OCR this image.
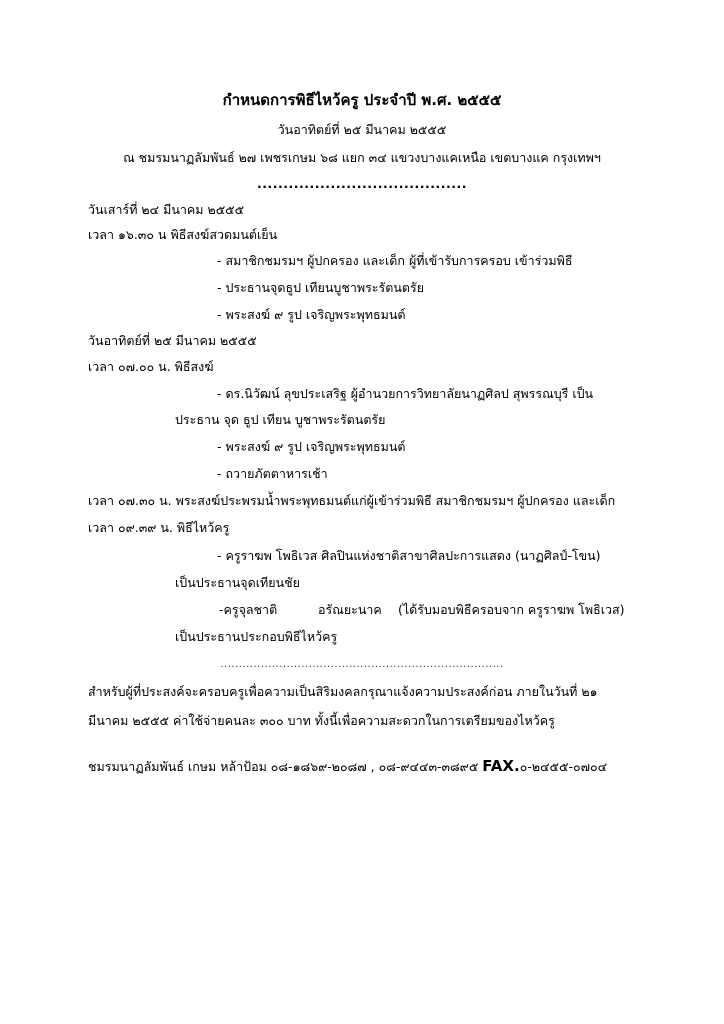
กำหนดการพิธีไหว้ครู ประจำปี พ.ศ. ๒๕๕๕
วันอาทิตย์ที่ ๒๕ มีนาคม ๒๕๕๕
ณ ชมรมนาฏลัมพันธ์ ๒๗ เพชรเกษม ๖๘ แยก ๓๔ แขวงบางแคเหนือ เขตบางแค กรุงเทพฯ
........................................
วันเสาร์ที่ ๒๔ มีนาคม ๒๕๕๕
เวลา ๑๖.๓๐ น พิธีสงฆ์สวดมนต์เย็น
- สมาชิกชมรมฯ ผู้ปกครอง และเด็ก ผู้ที่เข้ารับการครอบ เข้าร่วมพิธี
- ประธานจุดธูป เทียนบูชาพระรัตนตรัย
- พระสงฆ์ ๙ รูป เจริญพระพุทธมนต์
วันอาทิตย์ที่ ๒๕ มีนาคม ๒๕๕๕
เวลา ๐๗.๐๐ น. พิธีสงฆ์
- ดร.นิวัฒน์ ลุขประเสริฐ ผู้อำนวยการวิทยาลัยนาฏศิลป สุพรรณบุรี เป็น
ประธาน จุด ธูป เทียน บูชาพระรัตนตรัย
- พระสงฆ์ ๙ รูป เจริญพระพุทธมนต์
- ถวายภัตตาหารเช้า
เวลา ๐๗.๓๐ น. พระสงฆ์ประพรมน้ำพระพุทธมนต์แก่ผู้เข้าร่วมพิธี สมาชิกชมรมฯ ผู้ปกครอง และเด็ก
เวลา ๐๙.๓๙ น. พิธีไหว้ครู
- ครูราฆพ โพธิเวส ศิลปินแห่งชาติสาขาศิลปะการแสดง (นาฏศิลป์-โขน)
เป็นประธานจุดเทียนชัย
-ครูจุลชาติ	อรัณยะนาค (ได้รับมอบพิธีครอบจาก ครูราฆพ โพธิเวส)
เป็นประธานประกอบพิธีไหว้ครู
.............................................................................
สำหรับผู้ที่ประสงค์จะครอบครูเพื่อความเป็นสิริมงคลกรุณาแจ้งความประสงค์ก่อน ภายในวันที่ ๒๑
มีนาคม ๒๕๕๕ ค่าใช้จ่ายคนละ ๓๐๐ บาท ทั้งนี้เพื่อความสะดวกในการเตรียมของไหว้ครู
ชมรมนาฏลัมพันธ์ เกษม หล้าป้อม ๐๘-๑๘๖๙-๒๐๘๗ , ๐๘-๙๔๔๓-๓๘๙๕ FAX.๐-๒๔๕๕-๐๗๐๔
